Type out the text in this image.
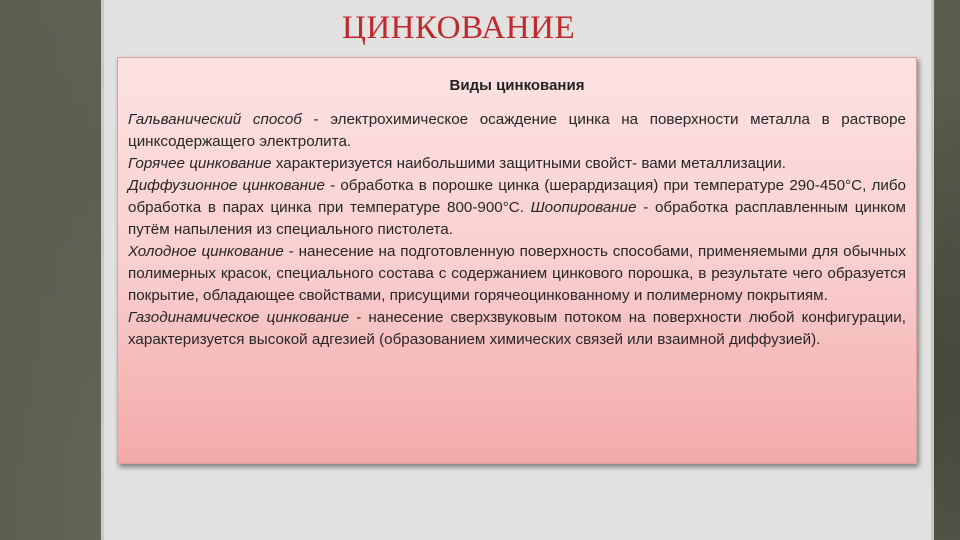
ЦИНКОВАНИЕ
Виды цинкования

Гальванический способ - электрохимическое осаждение цинка на поверхности металла в растворе цинксодержащего электролита.

Горячее цинкование характеризуется наибольшими защитными свойст- вами металлизации.

Диффузионное цинкование - обработка в порошке цинка (шерардизация) при температуре 290-450°С, либо обработка в парах цинка при температуре 800-900°С. Шоопирование - обработка расплавленным цинком путём напыления из специального пистолета.

Холодное цинкование - нанесение на подготовленную поверхность способами, применяемыми для обычных полимерных красок, специального состава с содержанием цинкового порошка, в результате чего образуется покрытие, обладающее свойствами, присущими горячеоцинкованному и полимерному покрытиям.

Газодинамическое цинкование - нанесение сверхзвуковым потоком на поверхности любой конфигурации, характеризуется высокой адгезией (образованием химических связей или взаимной диффузией).
